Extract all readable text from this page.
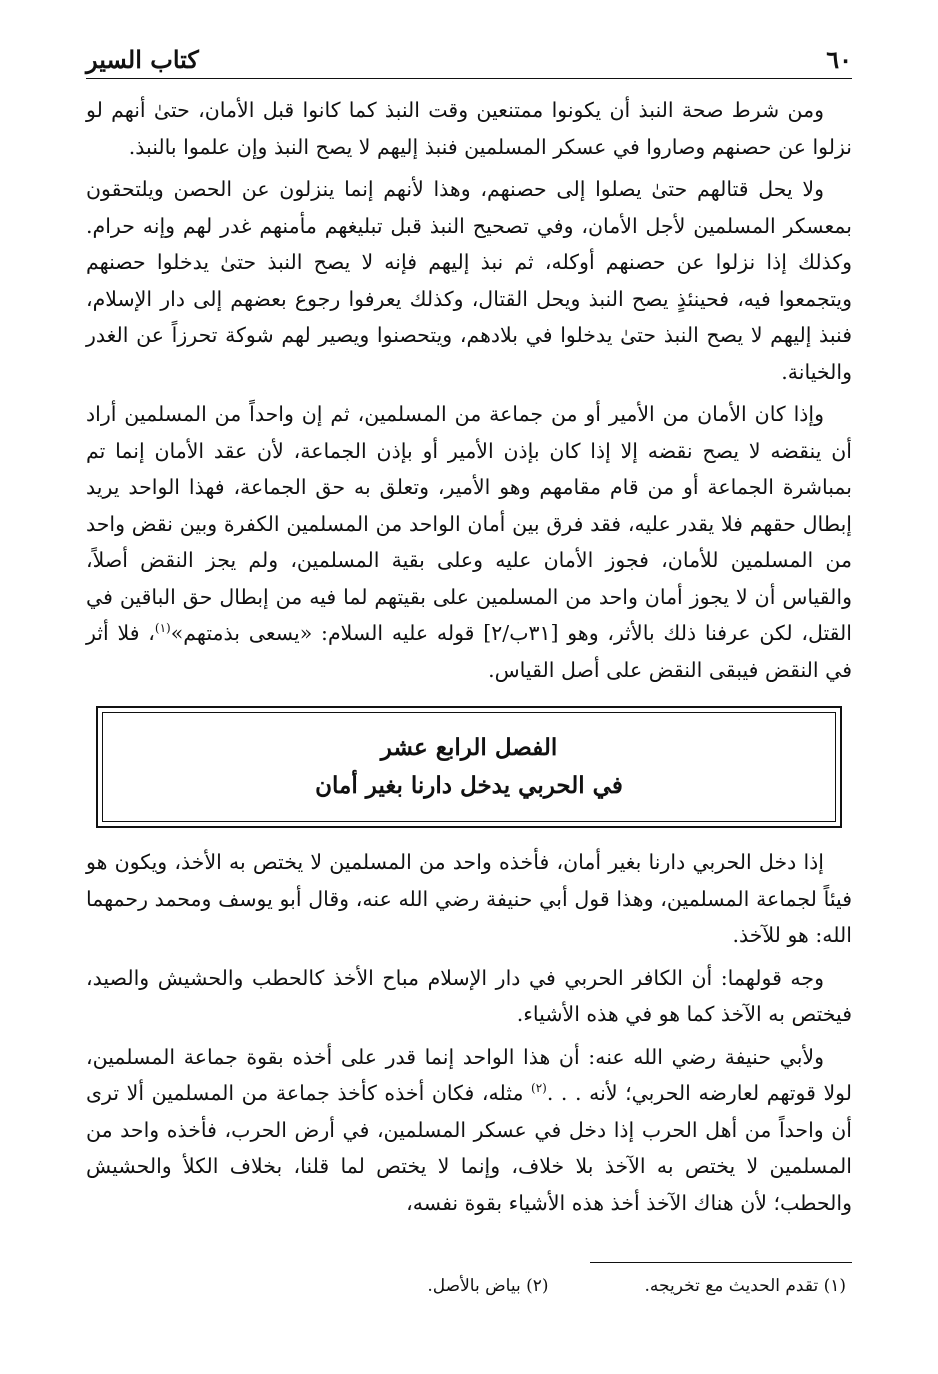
٦٠
كتاب السير

ومن شرط صحة النبذ أن يكونوا ممتنعين وقت النبذ كما كانوا قبل الأمان، حتىٰ أنهم لو نزلوا عن حصنهم وصاروا في عسكر المسلمين فنبذ إليهم لا يصح النبذ وإن علموا بالنبذ.

ولا يحل قتالهم حتىٰ يصلوا إلى حصنهم، وهذا لأنهم إنما ينزلون عن الحصن ويلتحقون بمعسكر المسلمين لأجل الأمان، وفي تصحيح النبذ قبل تبليغهم مأمنهم غدر لهم وإنه حرام. وكذلك إذا نزلوا عن حصنهم أوكله، ثم نبذ إليهم فإنه لا يصح النبذ حتىٰ يدخلوا حصنهم ويتجمعوا فيه، فحينئذٍ يصح النبذ ويحل القتال، وكذلك يعرفوا رجوع بعضهم إلى دار الإسلام، فنبذ إليهم لا يصح النبذ حتىٰ يدخلوا في بلادهم، ويتحصنوا ويصير لهم شوكة تحرزاً عن الغدر والخيانة.

وإذا كان الأمان من الأمير أو من جماعة من المسلمين، ثم إن واحداً من المسلمين أراد أن ينقضه لا يصح نقضه إلا إذا كان بإذن الأمير أو بإذن الجماعة، لأن عقد الأمان إنما تم بمباشرة الجماعة أو من قام مقامهم وهو الأمير، وتعلق به حق الجماعة، فهذا الواحد يريد إبطال حقهم فلا يقدر عليه، فقد فرق بين أمان الواحد من المسلمين الكفرة وبين نقض واحد من المسلمين للأمان، فجوز الأمان عليه وعلى بقية المسلمين، ولم يجز النقض أصلاً، والقياس أن لا يجوز أمان واحد من المسلمين على بقيتهم لما فيه من إبطال حق الباقين في القتل، لكن عرفنا ذلك بالأثر، وهو [٣١ب/٢] قوله عليه السلام: «يسعى بذمتهم»$^{(١)}$، فلا أثر في النقض فيبقى النقض على أصل القياس.

الفصل الرابع عشر
في الحربي يدخل دارنا بغير أمان

إذا دخل الحربي دارنا بغير أمان، فأخذه واحد من المسلمين لا يختص به الأخذ، ويكون هو فيئاً لجماعة المسلمين، وهذا قول أبي حنيفة رضي الله عنه، وقال أبو يوسف ومحمد رحمهما الله: هو للآخذ.

وجه قولهما: أن الكافر الحربي في دار الإسلام مباح الأخذ كالحطب والحشيش والصيد، فيختص به الآخذ كما هو في هذه الأشياء.

ولأبي حنيفة رضي الله عنه: أن هذا الواحد إنما قدر على أخذه بقوة جماعة المسلمين، لولا قوتهم لعارضه الحربي؛ لأنه . . .$^{(٢)}$ مثله، فكان أخذه كأخذ جماعة من المسلمين ألا ترى أن واحداً من أهل الحرب إذا دخل في عسكر المسلمين، في أرض الحرب، فأخذه واحد من المسلمين لا يختص به الآخذ بلا خلاف، وإنما لا يختص لما قلنا، بخلاف الكلأ والحشيش والحطب؛ لأن هناك الآخذ أخذ هذه الأشياء بقوة نفسه،

(١) تقدم الحديث مع تخريجه.
(٢) بياض بالأصل.
